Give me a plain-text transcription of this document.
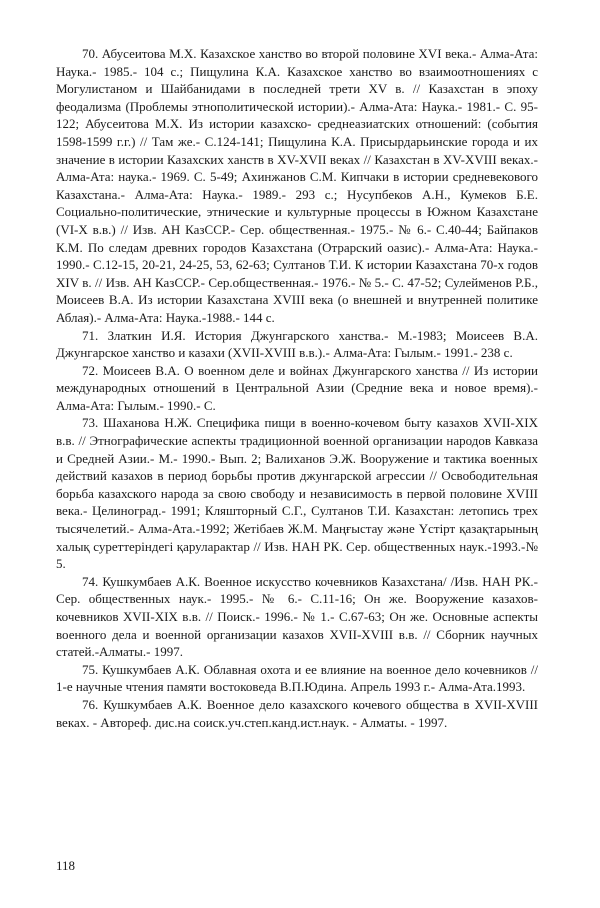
70. Абусеитова М.Х. Казахское ханство во второй половине XVI века.- Алма-Ата: Наука.- 1985.- 104 с.; Пищулина К.А. Казахское ханство во взаимоотношениях с Могулистаном и Шайбанидами в последней трети XV в. // Казахстан в эпоху феодализма (Проблемы этнополитической истории).- Алма-Ата: Наука.- 1981.- С. 95-122; Абусеитова М.Х. Из истории казахско- среднеазиатских отношений: (события 1598-1599 г.г.) // Там же.- С.124-141; Пищулина К.А. Присырдарьинские города и их значение в истории Казахских ханств в XV-XVII веках // Казахстан в XV-XVIII веках.- Алма-Ата: наука.- 1969. С. 5-49; Ахинжанов С.М. Кипчаки в истории средневекового Казахстана.- Алма-Ата: Наука.- 1989.- 293 с.; Нусупбеков А.Н., Кумеков Б.Е. Социально-политические, этнические и культурные процессы в Южном Казахстане (VI-X в.в.) // Изв. АН КазССР.- Сер. общественная.- 1975.- № 6.- С.40-44; Байпаков К.М. По следам древних городов Казахстана (Отрарский оазис).- Алма-Ата: Наука.- 1990.- С.12-15, 20-21, 24-25, 53, 62-63; Султанов Т.И. К истории Казахстана 70-х годов XIV в. // Изв. АН КазССР.- Сер.общественная.- 1976.- № 5.- С. 47-52; Сулейменов Р.Б., Моисеев В.А. Из истории Казахстана XVIII века (о внешней и внутренней политике Аблая).- Алма-Ата: Наука.-1988.- 144 с.

71. Златкин И.Я. История Джунгарского ханства.- М.-1983; Моисеев В.А. Джунгарское ханство и казахи (XVII-XVIII в.в.).- Алма-Ата: Гылым.- 1991.- 238 с.

72. Моисеев В.А. О военном деле и войнах Джунгарского ханства // Из истории международных отношений в Центральной Азии (Средние века и новое время).- Алма-Ата: Гылым.- 1990.- С.

73. Шаханова Н.Ж. Специфика пищи в военно-кочевом быту казахов XVII-XIX в.в. // Этнографические аспекты традиционной военной организации народов Кавказа и Средней Азии.- М.- 1990.- Вып. 2; Валиханов Э.Ж. Вооружение и тактика военных действий казахов в период борьбы против джунгарской агрессии // Освободительная борьба казахского народа за свою свободу и независимость в первой половине XVIII века.- Целиноград.- 1991; Кляшторный С.Г., Султанов Т.И. Казахстан: летопись трех тысячелетий.- Алма-Ата.-1992; Жетібаев Ж.М. Маңғыстау және Үстірт қазақтарының халық суреттеріндегі қаруларактар // Изв. НАН РК. Сер. общественных наук.-1993.-№ 5.

74. Кушкумбаев А.К. Военное искусство кочевников Казахстана/ /Изв. НАН РК.- Сер. общественных наук.- 1995.- № 6.- С.11-16; Он же. Вооружение казахов-кочевников XVII-XIX в.в. // Поиск.- 1996.- № 1.- С.67-63; Он же. Основные аспекты военного дела и военной организации казахов XVII-XVIII в.в. // Сборник научных статей.-Алматы.- 1997.

75. Кушкумбаев А.К. Облавная охота и ее влияние на военное дело кочевников // 1-е научные чтения памяти востоковеда В.П.Юдина. Апрель 1993 г.- Алма-Ата.1993.

76. Кушкумбаев А.К. Военное дело казахского кочевого общества в XVII-XVIII веках. - Автореф. дис.на соиск.уч.степ.канд.ист.наук. - Алматы. - 1997.

118
